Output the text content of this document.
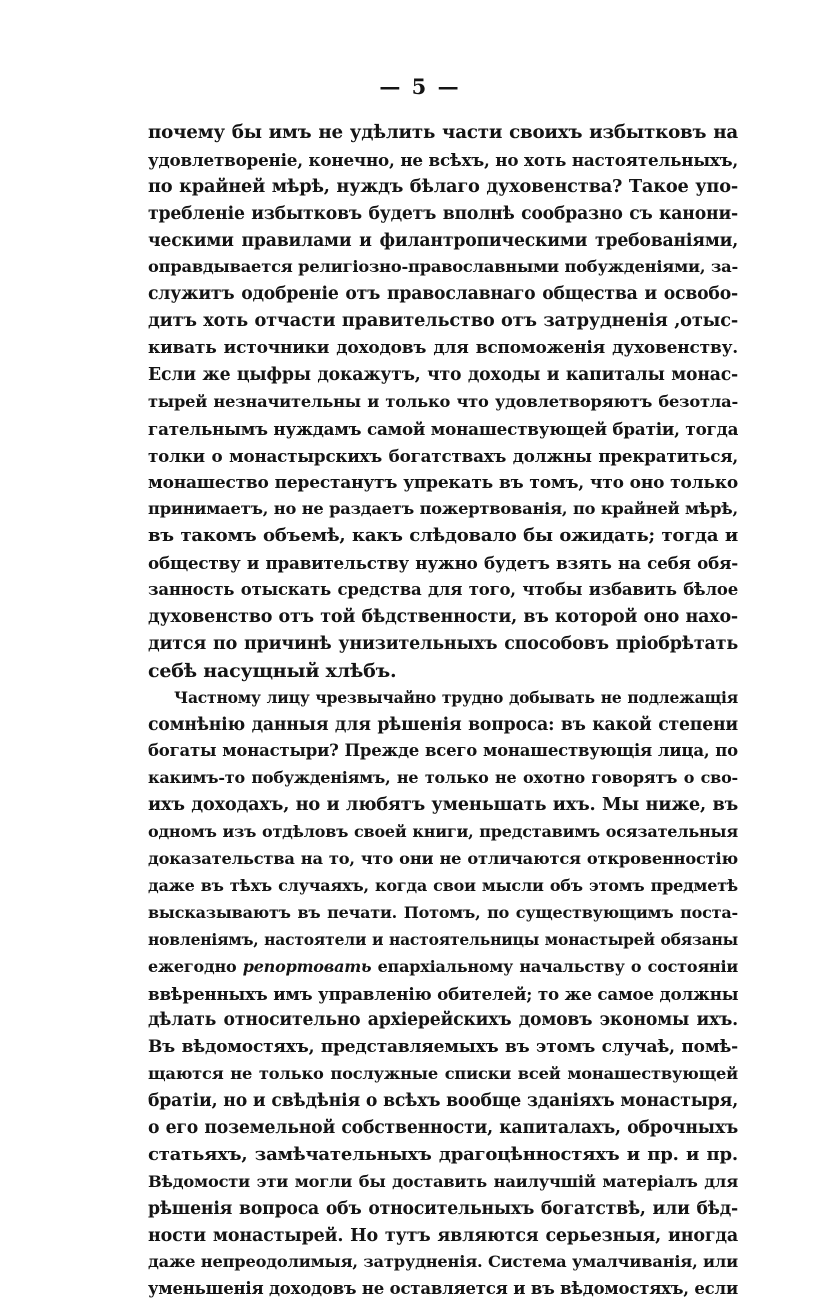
— 5 —
почему бы имъ не удѣлить части своихъ избытковъ на
удовлетвореніе, конечно, не всѣхъ, но хоть настоятельныхъ,
по крайней мѣрѣ, нуждъ бѣлаго духовенства? Такое упо-
требленіе избытковъ будетъ вполнѣ сообразно съ канони-
ческими правилами и филантропическими требованіями,
оправдывается религіозно-православными побужденіями, за-
служитъ одобреніе отъ православнаго общества и освобо-
дитъ хоть отчасти правительство отъ затрудненія ,отыс-
кивать источники доходовъ для вспоможенія духовенству.
Если же цыфры докажутъ, что доходы и капиталы монас-
тырей незначительны и только что удовлетворяютъ безотла-
гательнымъ нуждамъ самой монашествующей братіи, тогда
толки о монастырскихъ богатствахъ должны прекратиться,
монашество перестанутъ упрекать въ томъ, что оно только
принимаетъ, но не раздаетъ пожертвованія, по крайней мѣрѣ,
въ такомъ объемѣ, какъ слѣдовало бы ожидать; тогда и
обществу и правительству нужно будетъ взять на себя обя-
занность отыскать средства для того, чтобы избавить бѣлое
духовенство отъ той бѣдственности, въ которой оно нахо-
дится по причинѣ унизительныхъ способовъ пріобрѣтать
себѣ насущный хлѣбъ.
Частному лицу чрезвычайно трудно добывать не подлежащія
сомнѣнію данныя для рѣшенія вопроса: въ какой степени
богаты монастыри? Прежде всего монашествующія лица, по
какимъ-то побужденіямъ, не только не охотно говорятъ о сво-
ихъ доходахъ, но и любятъ уменьшать ихъ. Мы ниже, въ
одномъ изъ отдѣловъ своей книги, представимъ осязательныя
доказательства на то, что они не отличаются откровенностію
даже въ тѣхъ случаяхъ, когда свои мысли объ этомъ предметѣ
высказываютъ въ печати. Потомъ, по существующимъ поста-
новленіямъ, настоятели и настоятельницы монастырей обязаны
ежегодно репортовать епархіальному начальству о состояніи
ввѣренныхъ имъ управленію обителей; то же самое должны
дѣлать относительно архіерейскихъ домовъ экономы ихъ.
Въ вѣдомостяхъ, представляемыхъ въ этомъ случаѣ, помѣ-
щаются не только послужные списки всей монашествующей
братіи, но и свѣдѣнія о всѣхъ вообще зданіяхъ монастыря,
о его поземельной собственности, капиталахъ, оброчныхъ
статьяхъ, замѣчательныхъ драгоцѣнностяхъ и пр. и пр.
Вѣдомости эти могли бы доставить наилучшій матеріалъ для
рѣшенія вопроса объ относительныхъ богатствѣ, или бѣд-
ности монастырей. Но тутъ являются серьезныя, иногда
даже непреодолимыя, затрудненія. Система умалчиванія, или
уменьшенія доходовъ не оставляется и въ вѣдомостяхъ, если
